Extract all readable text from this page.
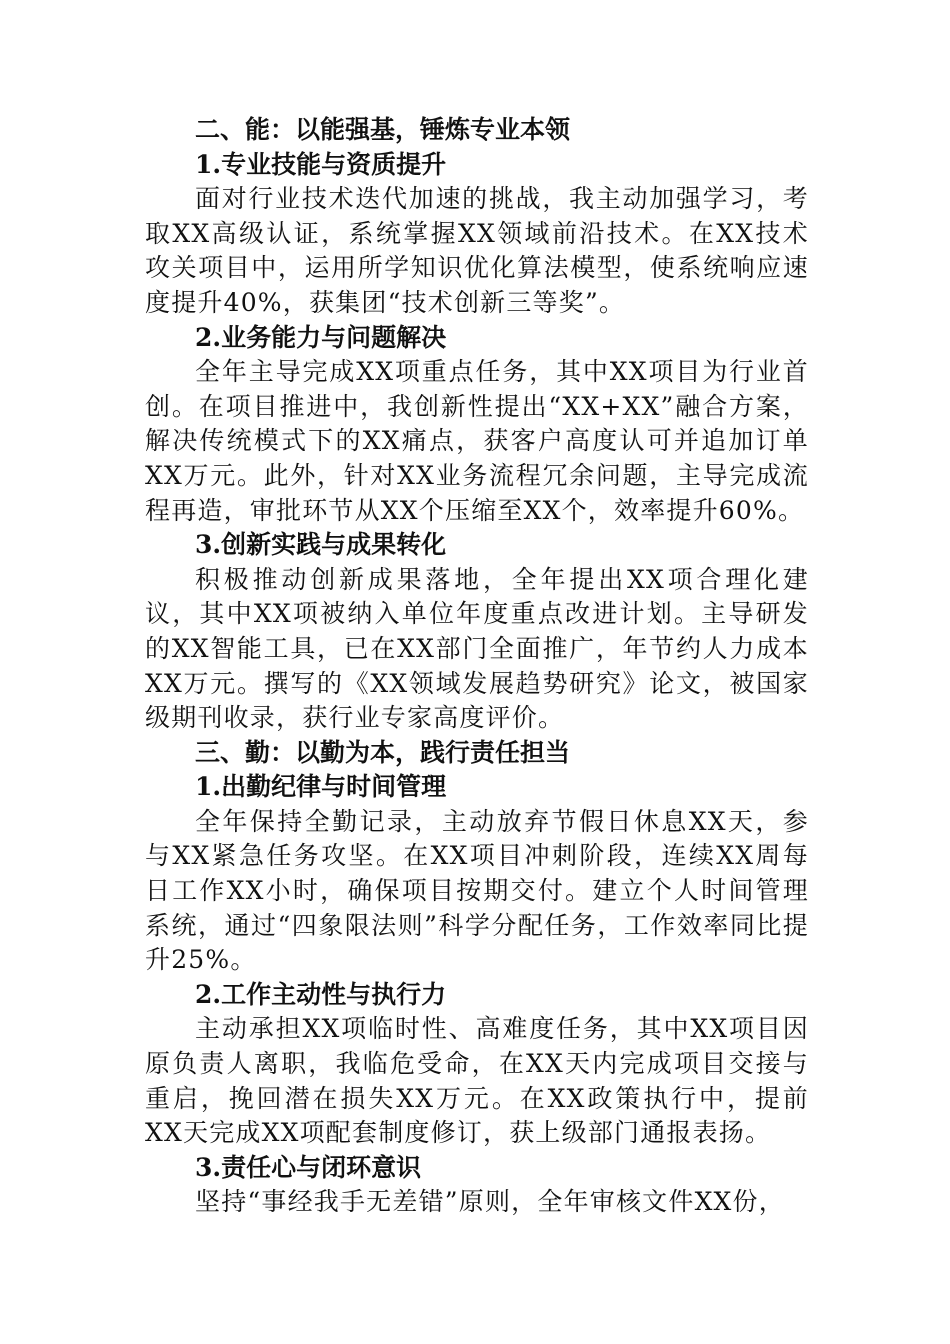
二、能：以能强基，锤炼专业本领

1.专业技能与资质提升

面对行业技术迭代加速的挑战，我主动加强学习，考取XX高级认证，系统掌握XX领域前沿技术。在XX技术攻关项目中，运用所学知识优化算法模型，使系统响应速度提升40%，获集团“技术创新三等奖”。

2.业务能力与问题解决

全年主导完成XX项重点任务，其中XX项目为行业首创。在项目推进中，我创新性提出“XX+XX”融合方案，解决传统模式下的XX痛点，获客户高度认可并追加订单XX万元。此外，针对XX业务流程冗余问题，主导完成流程再造，审批环节从XX个压缩至XX个，效率提升60%。

3.创新实践与成果转化

积极推动创新成果落地，全年提出XX项合理化建议，其中XX项被纳入单位年度重点改进计划。主导研发的XX智能工具，已在XX部门全面推广，年节约人力成本XX万元。撰写的《XX领域发展趋势研究》论文，被国家级期刊收录，获行业专家高度评价。

三、勤：以勤为本，践行责任担当

1.出勤纪律与时间管理

全年保持全勤记录，主动放弃节假日休息XX天，参与XX紧急任务攻坚。在XX项目冲刺阶段，连续XX周每日工作XX小时，确保项目按期交付。建立个人时间管理系统，通过“四象限法则”科学分配任务，工作效率同比提升25%。

2.工作主动性与执行力

主动承担XX项临时性、高难度任务，其中XX项目因原负责人离职，我临危受命，在XX天内完成项目交接与重启，挽回潜在损失XX万元。在XX政策执行中，提前XX天完成XX项配套制度修订，获上级部门通报表扬。

3.责任心与闭环意识

坚持“事经我手无差错”原则，全年审核文件XX份，
